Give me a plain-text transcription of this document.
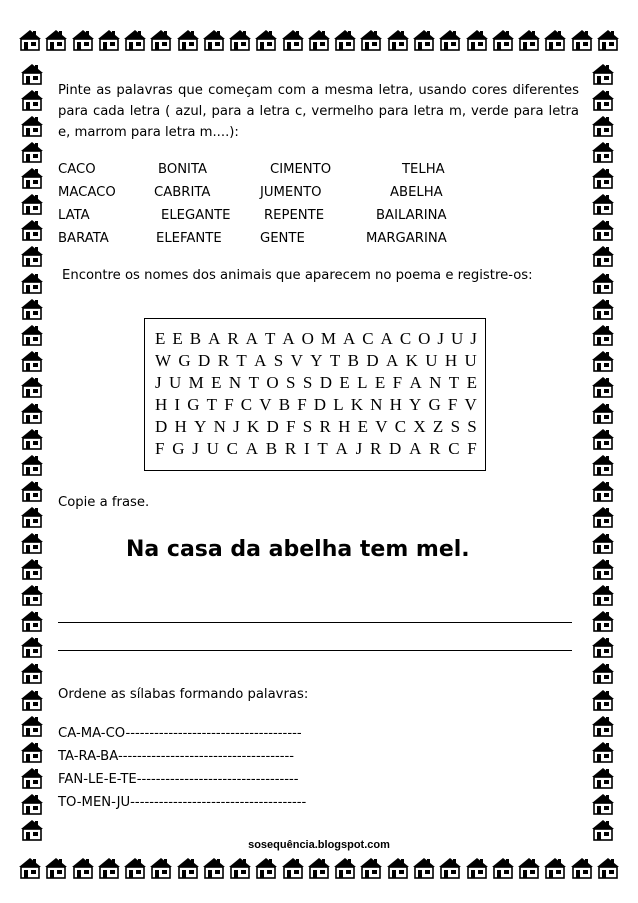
Pinte as palavras que começam com a mesma letra, usando cores diferentes para cada letra ( azul, para a letra c, vermelho para letra m, verde para letra e, marrom para letra m....):
CACO	BONITA	CIMENTO	TELHA
MACACO	CABRITA	JUMENTO	ABELHA
LATA	ELEGANTE	REPENTE	BAILARINA
BARATA	ELEFANTE	GENTE	MARGARINA
Encontre os nomes dos animais que aparecem no poema e registre-os:
E E B A R A T A O M A C A C O J U J
W G D R T A S V Y T B D A K U H U
J U M E N T O S S D E L E F A N T E
H I G T F C V B F D L K N H Y G F V
D H Y N J K D F S R H E V C X Z S S
F G J U C A B R I T A J R D A R C F
Copie a frase.
Na casa da abelha tem mel.
Ordene as sílabas formando palavras:
CA-MA-CO-------------------------------------
TA-RA-BA-------------------------------------
FAN-LE-E-TE----------------------------------
TO-MEN-JU-------------------------------------
sosequência.blogspot.com
